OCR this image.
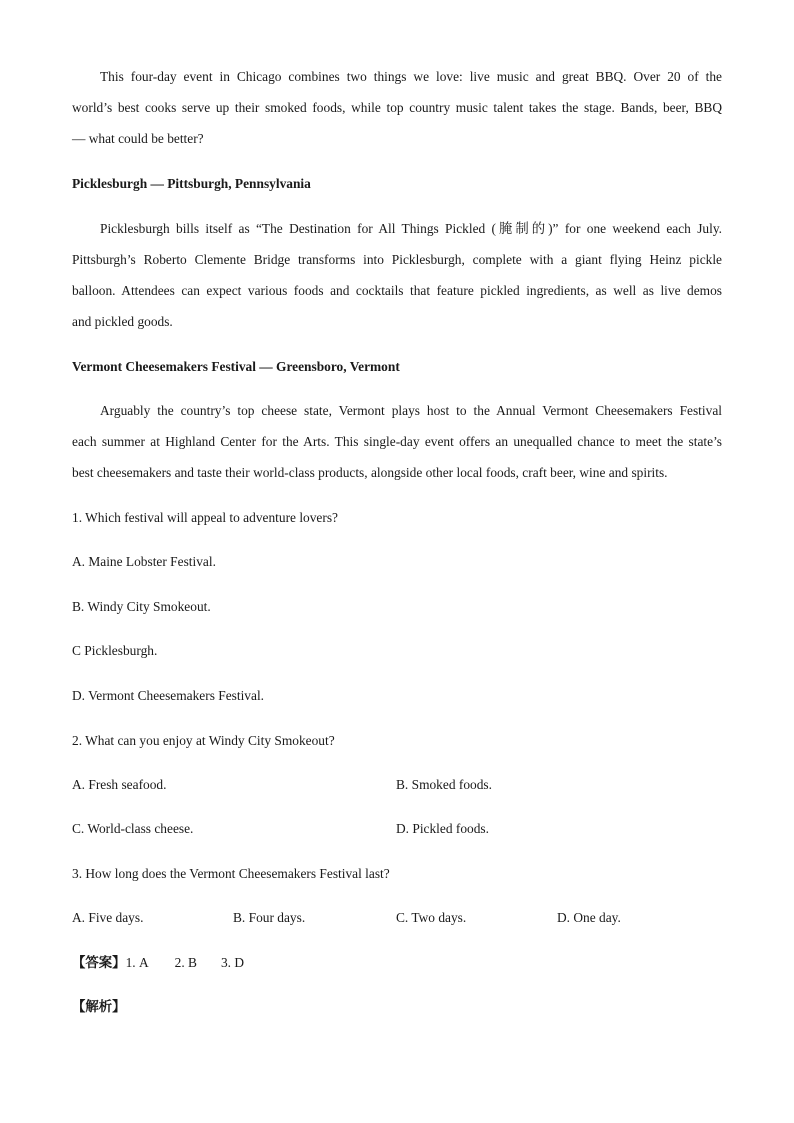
This four-day event in Chicago combines two things we love: live music and great BBQ. Over 20 of the
world’s best cooks serve up their smoked foods, while top country music talent takes the stage. Bands, beer, BBQ
— what could be better?
Picklesburgh — Pittsburgh, Pennsylvania
Picklesburgh bills itself as “The Destination for All Things Pickled (腌制的)” for one weekend each July.
Pittsburgh’s Roberto Clemente Bridge transforms into Picklesburgh, complete with a giant flying Heinz pickle
balloon. Attendees can expect various foods and cocktails that feature pickled ingredients, as well as live demos
and pickled goods.
Vermont Cheesemakers Festival — Greensboro, Vermont
Arguably the country’s top cheese state, Vermont plays host to the Annual Vermont Cheesemakers Festival
each summer at Highland Center for the Arts. This single-day event offers an unequalled chance to meet the state’s
best cheesemakers and taste their world-class products, alongside other local foods, craft beer, wine and spirits.
1. Which festival will appeal to adventure lovers?
A. Maine Lobster Festival.
B. Windy City Smokeout.
C Picklesburgh.
D. Vermont Cheesemakers Festival.
2. What can you enjoy at Windy City Smokeout?
A. Fresh seafood.	B. Smoked foods.
C. World-class cheese.	D. Pickled foods.
3. How long does the Vermont Cheesemakers Festival last?
A. Five days.	B. Four days.	C. Two days.	D. One day.
【答案】1. A 2. B 3. D
【解析】
